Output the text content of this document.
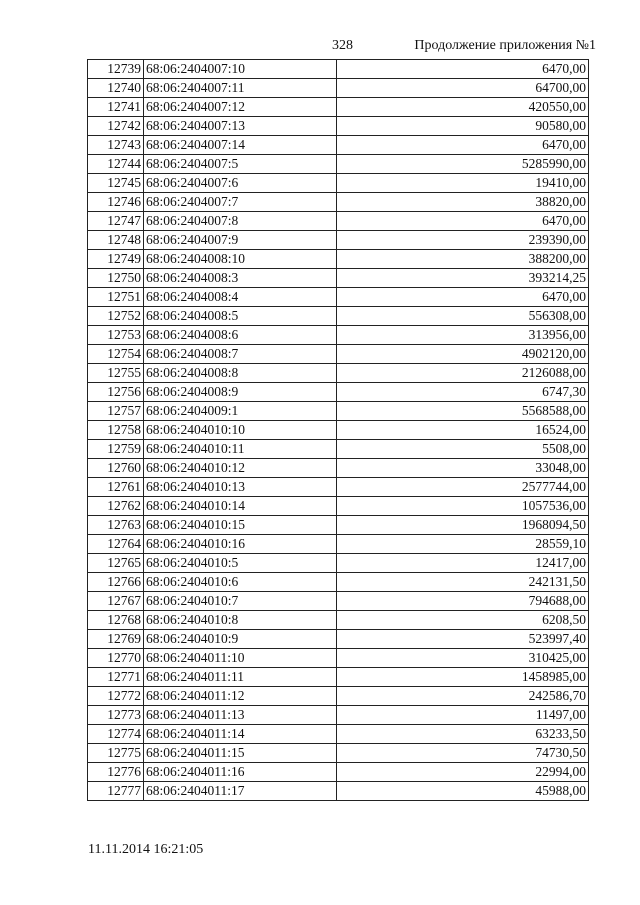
328	Продолжение приложения №1
12739	68:06:2404007:10	6470,00
12740	68:06:2404007:11	64700,00
12741	68:06:2404007:12	420550,00
12742	68:06:2404007:13	90580,00
12743	68:06:2404007:14	6470,00
12744	68:06:2404007:5	5285990,00
12745	68:06:2404007:6	19410,00
12746	68:06:2404007:7	38820,00
12747	68:06:2404007:8	6470,00
12748	68:06:2404007:9	239390,00
12749	68:06:2404008:10	388200,00
12750	68:06:2404008:3	393214,25
12751	68:06:2404008:4	6470,00
12752	68:06:2404008:5	556308,00
12753	68:06:2404008:6	313956,00
12754	68:06:2404008:7	4902120,00
12755	68:06:2404008:8	2126088,00
12756	68:06:2404008:9	6747,30
12757	68:06:2404009:1	5568588,00
12758	68:06:2404010:10	16524,00
12759	68:06:2404010:11	5508,00
12760	68:06:2404010:12	33048,00
12761	68:06:2404010:13	2577744,00
12762	68:06:2404010:14	1057536,00
12763	68:06:2404010:15	1968094,50
12764	68:06:2404010:16	28559,10
12765	68:06:2404010:5	12417,00
12766	68:06:2404010:6	242131,50
12767	68:06:2404010:7	794688,00
12768	68:06:2404010:8	6208,50
12769	68:06:2404010:9	523997,40
12770	68:06:2404011:10	310425,00
12771	68:06:2404011:11	1458985,00
12772	68:06:2404011:12	242586,70
12773	68:06:2404011:13	11497,00
12774	68:06:2404011:14	63233,50
12775	68:06:2404011:15	74730,50
12776	68:06:2404011:16	22994,00
12777	68:06:2404011:17	45988,00
11.11.2014 16:21:05
